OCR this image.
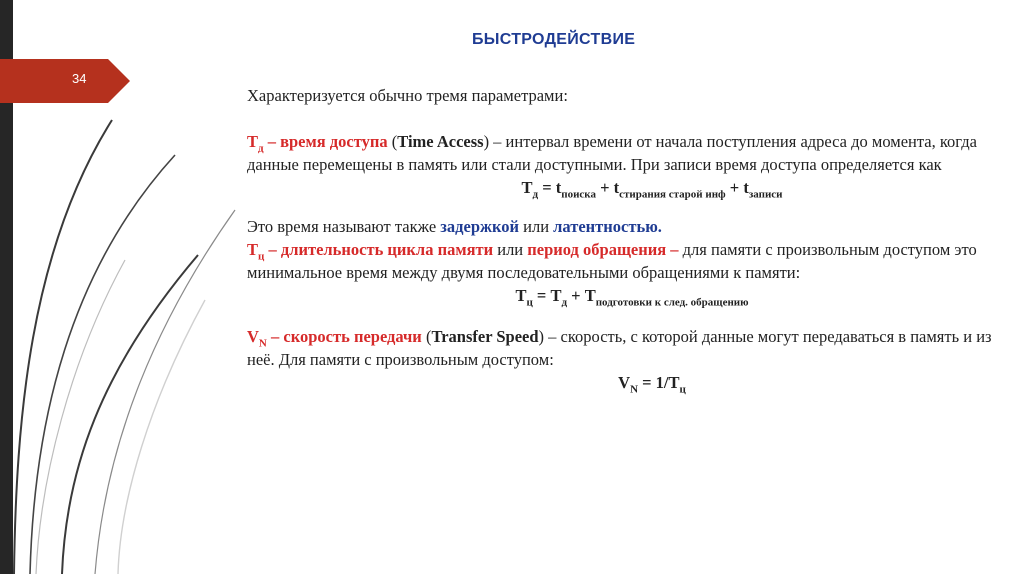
34
БЫСТРОДЕЙСТВИЕ

Характеризуется обычно тремя параметрами:

$T_д$ – время доступа (Time Access) – интервал времени от начала поступления адреса до момента, когда данные перемещены в память или стали доступными. При записи время доступа определяется как

$T_д = t_{поиска} + t_{стирания старой инф} + t_{записи}$

Это время называют также задержкой или латентностью.

$T_ц$ – длительность цикла памяти или период обращения – для памяти с произвольным доступом это минимальное время между двумя последовательными обращениями к памяти:

$T_ц = T_д + T_{подготовки к след. обращению}$

$V_N$ – скорость передачи (Transfer Speed) – скорость, с которой данные могут передаваться в память и из неё. Для памяти с произвольным доступом:

$V_N = 1/T_ц$
